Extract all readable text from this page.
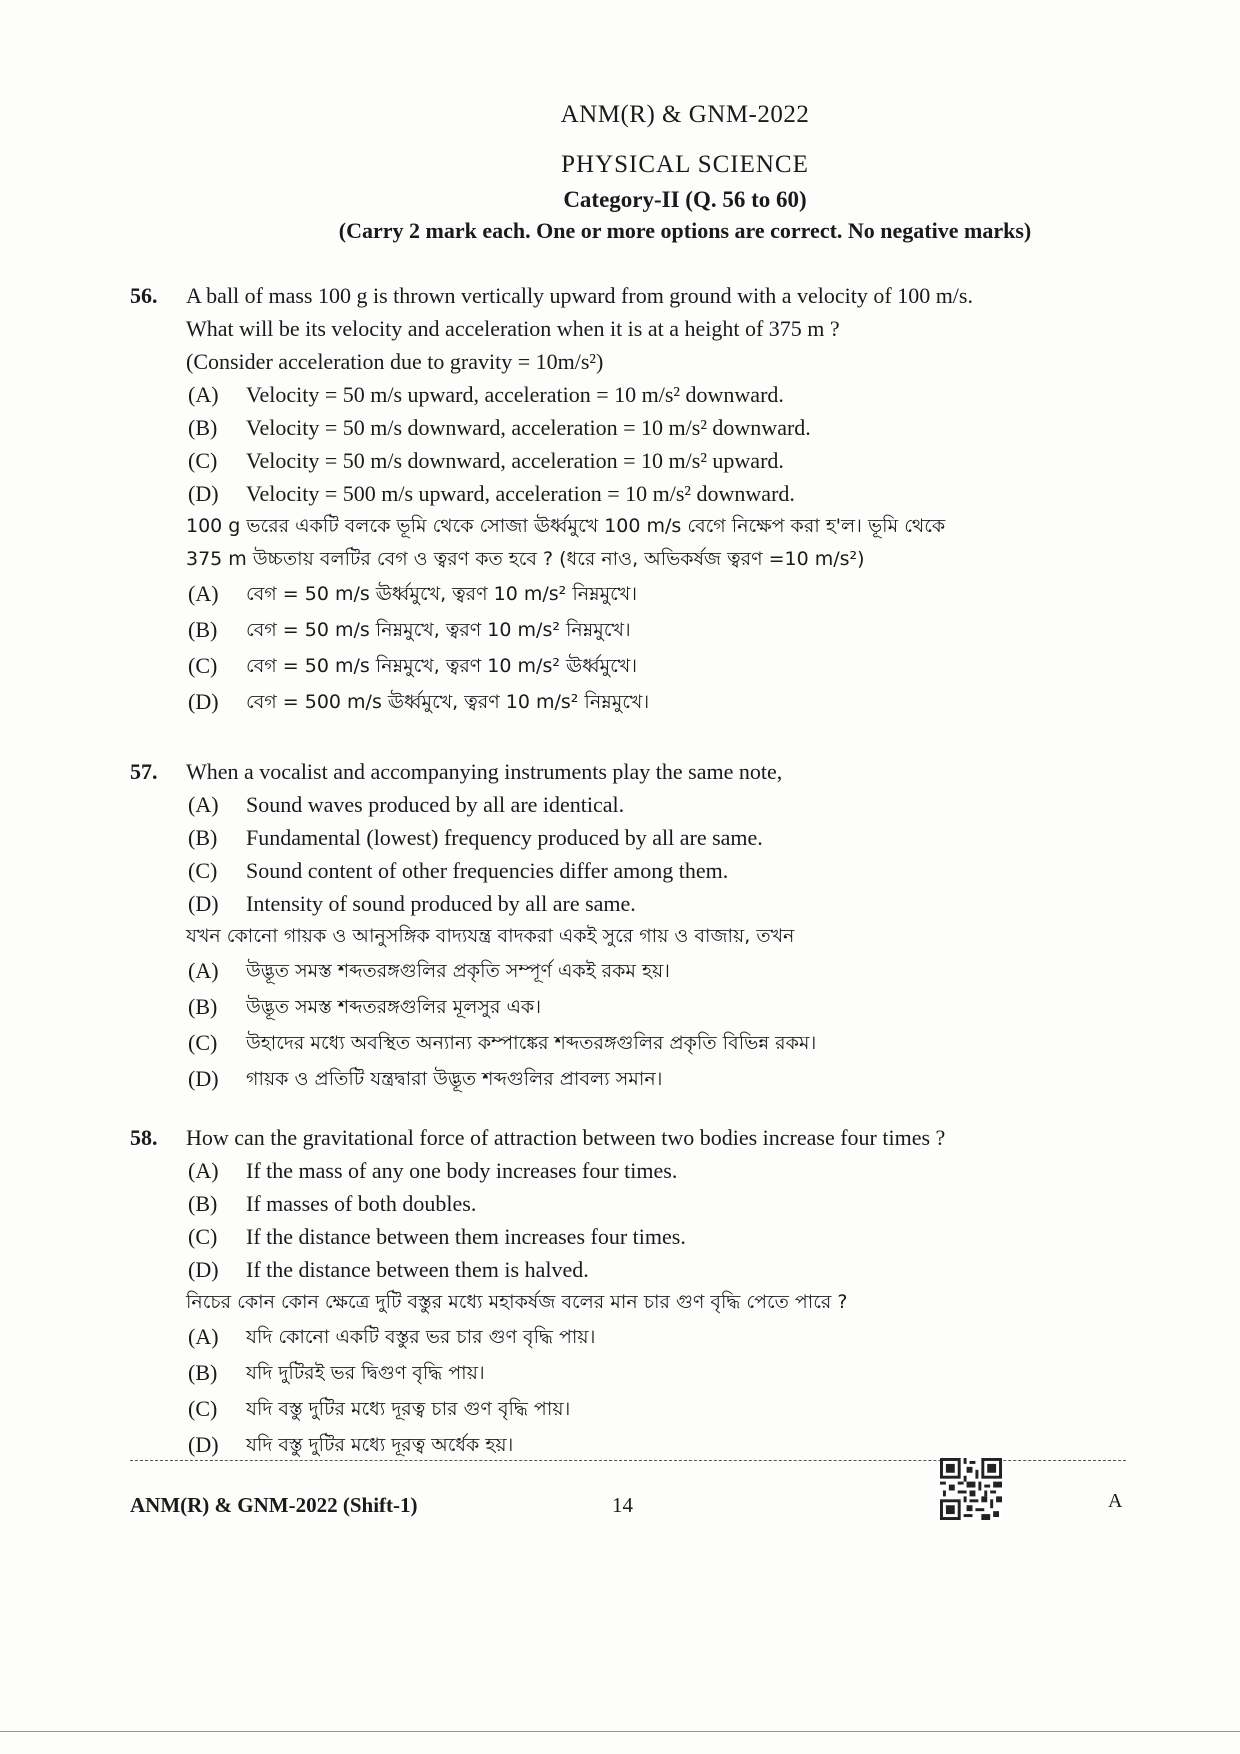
ANM(R) & GNM-2022
PHYSICAL SCIENCE
Category-II (Q. 56 to 60)
(Carry 2 mark each. One or more options are correct. No negative marks)
56. A ball of mass 100 g is thrown vertically upward from ground with a velocity of 100 m/s.
What will be its velocity and acceleration when it is at a height of 375 m ?
(Consider acceleration due to gravity = 10m/s²)
(A)	Velocity = 50 m/s upward, acceleration = 10 m/s² downward.
(B)	Velocity = 50 m/s downward, acceleration = 10 m/s² downward.
(C)	Velocity = 50 m/s downward, acceleration = 10 m/s² upward.
(D)	Velocity = 500 m/s upward, acceleration = 10 m/s² downward.
100 g ভরের একটি বলকে ভূমি থেকে সোজা ঊর্ধ্বমুখে 100 m/s বেগে নিক্ষেপ করা হ'ল। ভূমি থেকে
375 m উচ্চতায় বলটির বেগ ও ত্বরণ কত হবে ? (ধরে নাও, অভিকর্ষজ ত্বরণ =10 m/s²)
(A)	বেগ = 50 m/s ঊর্ধ্বমুখে, ত্বরণ 10 m/s² নিম্নমুখে।
(B)	বেগ = 50 m/s নিম্নমুখে, ত্বরণ 10 m/s² নিম্নমুখে।
(C)	বেগ = 50 m/s নিম্নমুখে, ত্বরণ 10 m/s² ঊর্ধ্বমুখে।
(D)	বেগ = 500 m/s ঊর্ধ্বমুখে, ত্বরণ 10 m/s² নিম্নমুখে।
57. When a vocalist and accompanying instruments play the same note,
(A)	Sound waves produced by all are identical.
(B)	Fundamental (lowest) frequency produced by all are same.
(C)	Sound content of other frequencies differ among them.
(D)	Intensity of sound produced by all are same.
যখন কোনো গায়ক ও আনুসঙ্গিক বাদ্যযন্ত্র বাদকরা একই সুরে গায় ও বাজায়, তখন
(A)	উদ্ভূত সমস্ত শব্দতরঙ্গগুলির প্রকৃতি সম্পূর্ণ একই রকম হয়।
(B)	উদ্ভূত সমস্ত শব্দতরঙ্গগুলির মূলসুর এক।
(C)	উহাদের মধ্যে অবস্থিত অন্যান্য কম্পাঙ্কের শব্দতরঙ্গগুলির প্রকৃতি বিভিন্ন রকম।
(D)	গায়ক ও প্রতিটি যন্ত্রদ্বারা উদ্ভূত শব্দগুলির প্রাবল্য সমান।
58. How can the gravitational force of attraction between two bodies increase four times ?
(A)	If the mass of any one body increases four times.
(B)	If masses of both doubles.
(C)	If the distance between them increases four times.
(D)	If the distance between them is halved.
নিচের কোন কোন ক্ষেত্রে দুটি বস্তুর মধ্যে মহাকর্ষজ বলের মান চার গুণ বৃদ্ধি পেতে পারে ?
(A)	যদি কোনো একটি বস্তুর ভর চার গুণ বৃদ্ধি পায়।
(B)	যদি দুটিরই ভর দ্বিগুণ বৃদ্ধি পায়।
(C)	যদি বস্তু দুটির মধ্যে দূরত্ব চার গুণ বৃদ্ধি পায়।
(D)	যদি বস্তু দুটির মধ্যে দূরত্ব অর্ধেক হয়।
ANM(R) & GNM-2022 (Shift-1)	14	A
